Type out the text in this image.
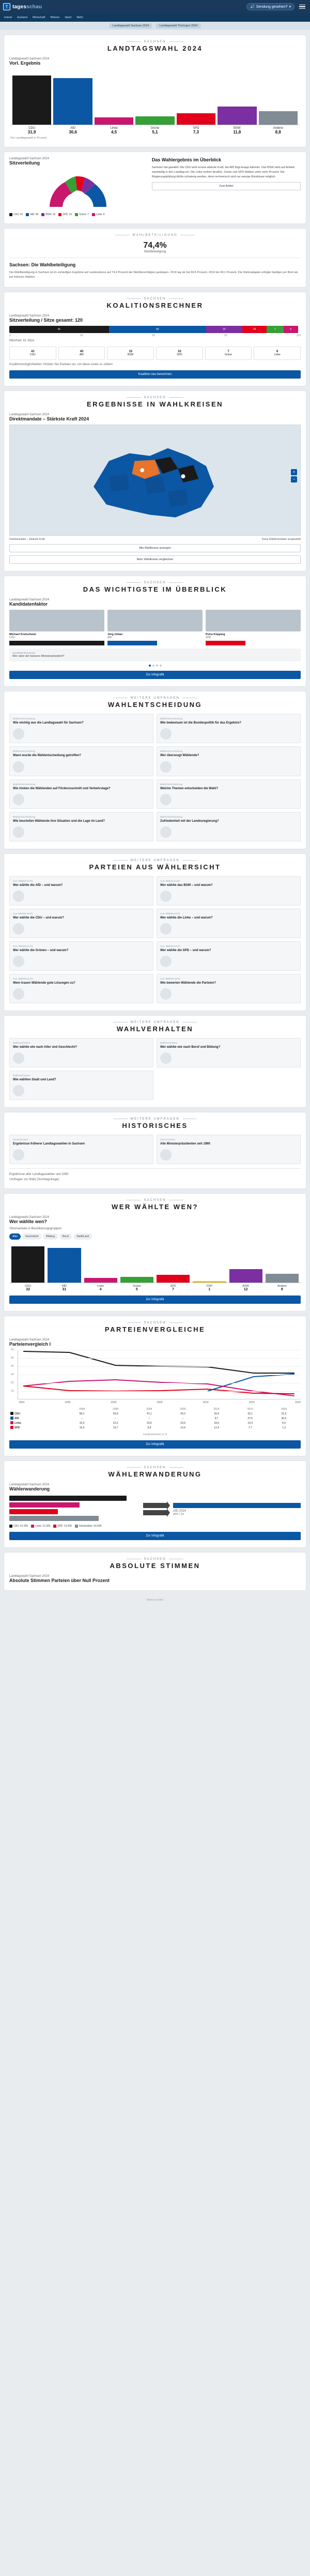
T tagesschau	🔊 Sendung gesehen? ▾
Inland Ausland Wirtschaft Wissen Sport Mehr
Landtagswahl Sachsen 2024	Landtagswahl Thüringen 2024
SACHSEN
LANDTAGSWAHL 2024
Landtagswahl Sachsen 2024
Vorl. Ergebnis
CDU
31,9
AfD
30,6
Linke
4,5
Grüne
5,1
SPD
7,3
BSW
11,8
Andere
8,8
Der Landtagswahl in Prozent
Landtagswahl Sachsen 2024
Sitzverteilung
CDU 41	AfD 40	BSW 15	SPD 10	Grüne 7	Linke 6
Das Wahlergebnis im Überblick
Sachsen hat gewählt: Die CDU wird erneut stärkste Kraft, die AfD folgt knapp dahinter. Das BSW zieht auf Anhieb zweistellig in den Landtag ein. Die Linke verliert deutlich, Grüne und SPD bleiben unter zehn Prozent. Die Regierungsbildung dürfte schwierig werden, denn rechnerisch sind nur wenige Bündnisse möglich.
Zum Artikel
WAHLBETEILIGUNG
74,4%
Wahlbeteiligung
Sachsen: Die Wahlbeteiligung
Die Wahlbeteiligung in Sachsen ist im vorläufigen Ergebnis auf Landesebene auf 74,4 Prozent der Wahlberechtigten gestiegen. 2019 lag sie bei 66,5 Prozent, 2014 bei 49,1 Prozent. Die Stimmabgabe erfolgte häufiger per Brief als bei früheren Wahlen.
SACHSEN
KOALITIONSRECHNER
Landtagswahl Sachsen 2024
Sitzverteilung / Sitze gesamt: 120
41	40	15	10	7	6
0	30	60	90	120
Mehrheit: 61 Sitze
41
CDU
40
AfD
15
BSW
10
SPD
7
Grüne
6
Linke
Koalitionsmöglichkeiten: Klicken Sie Parteien an, um diese sowie zu zählen
Koalition neu berechnen
SACHSEN
ERGEBNISSE IN WAHLKREISEN
Landtagswahl Sachsen 2024
Direktmandate – Stärkste Kraft 2024
+
−
Direktmandate – Stärkste Kraft	Keine Wahlkreisdaten ausgewählt
Alle Wahlkreise anzeigen
Mehr Wahlkreise vergleichen
SACHSEN
DAS WICHTIGSTE IM ÜBERBLICK
Landtagswahl Sachsen 2024
Kandidatenfaktor
Michael Kretschmer
CDU
Jörg Urban
AfD
Petra Köpping
SPD
Kandidatenbewertung
Wer wäre der bessere Ministerpräsident?
Zur Infografik
WEITERE UMFRAGEN
WAHLENTSCHEIDUNG
Wahlentscheidung
Wie wichtig war die Landtagswahl für Sachsen?
Wahlentscheidung
Wie bedeutsam ist die Bundespolitik für das Ergebnis?
Wahlentscheidung
Wann wurde die Wahlentscheidung getroffen?
Wahlentscheidung
Wer überzeugt Wählende?
Wahlentscheidung
Wie hinken die Wählenden auf Förderzuschnitt und Verkehrslage?
Wahlentscheidung
Welche Themen entscheiden die Wahl?
Wahlentscheidung
Wie beurteilen Wählende ihre Situation und die Lage im Land?
Wahlentscheidung
Zufriedenheit mit der Landesregierung?
WEITERE UMFRAGEN
PARTEIEN AUS WÄHLERSICHT
Aus Wählersicht
Wer wählte die AfD – und warum?
Aus Wählersicht
Wer wählte das BSW – und warum?
Aus Wählersicht
Wer wählte die CDU – und warum?
Aus Wählersicht
Wer wählte die Linke – und warum?
Aus Wählersicht
Wer wählte die Grünen – und warum?
Aus Wählersicht
Wer wählte die SPD – und warum?
Aus Wählersicht
Wem trauen Wählende gute Lösungen zu?
Aus Wählersicht
Wie bewerten Wählende die Parteien?
WEITERE UMFRAGEN
WAHLVERHALTEN
Wahlverhalten
Wer wählte wie nach Alter und Geschlecht?
Wahlverhalten
Wer wählte wie nach Beruf und Bildung?
Wahlverhalten
Wie wählten Stadt und Land?
WEITERE UMFRAGEN
HISTORISCHES
Historisches
Ergebnisse früherer Landtagswahlen in Sachsen
Historisches
Alle Ministerpräsidenten seit 1990
Ergebnisse aller Landtagswahlen seit 1990
Umfragen zur Wahl (Sonntagsfrage)
SACHSEN
WER WÄHLTE WEN?
Landtagswahl Sachsen 2024
Wer wählte wen?
Stimmanteile in Bevölkerungsgruppen
Alter	Geschlecht	Bildung	Beruf	Stadt/Land
CDU
32
AfD
31
Linke
4
Grüne
5
SPD
7
FDP
1
BSW
12
Andere
8
Zur Infografik
SACHSEN
PARTEIENVERGLEICHE
Landtagswahl Sachsen 2024
Parteienvergleich I
60
50
40
30
20
10
1994	1999	2004	2009	2014	2019	2024
	1994	1999	2004	2009	2014	2019	2024
CDU	58,1	56,9	41,1	40,2	39,4	32,1	31,9
AfD	–	–	–	–	9,7	27,5	30,6
Linke	16,5	22,2	23,6	20,6	18,9	10,4	4,5
SPD	16,6	10,7	9,8	10,4	12,4	7,7	7,3
Landesstimmen in %
Zur Infografik
SACHSEN
WÄHLERWANDERUNG
Landtagswahl Sachsen 2024
Wählerwanderung
AfD 2024
von / zu
CDU 41.000	Linke 21.000	SPD 13.000	Nichtwähler 53.000
Zur Infografik
SACHSEN
ABSOLUTE STIMMEN
Landtagswahl Sachsen 2024
Absolute Stimmen Parteien über Null Prozent
Weiter scrollen
